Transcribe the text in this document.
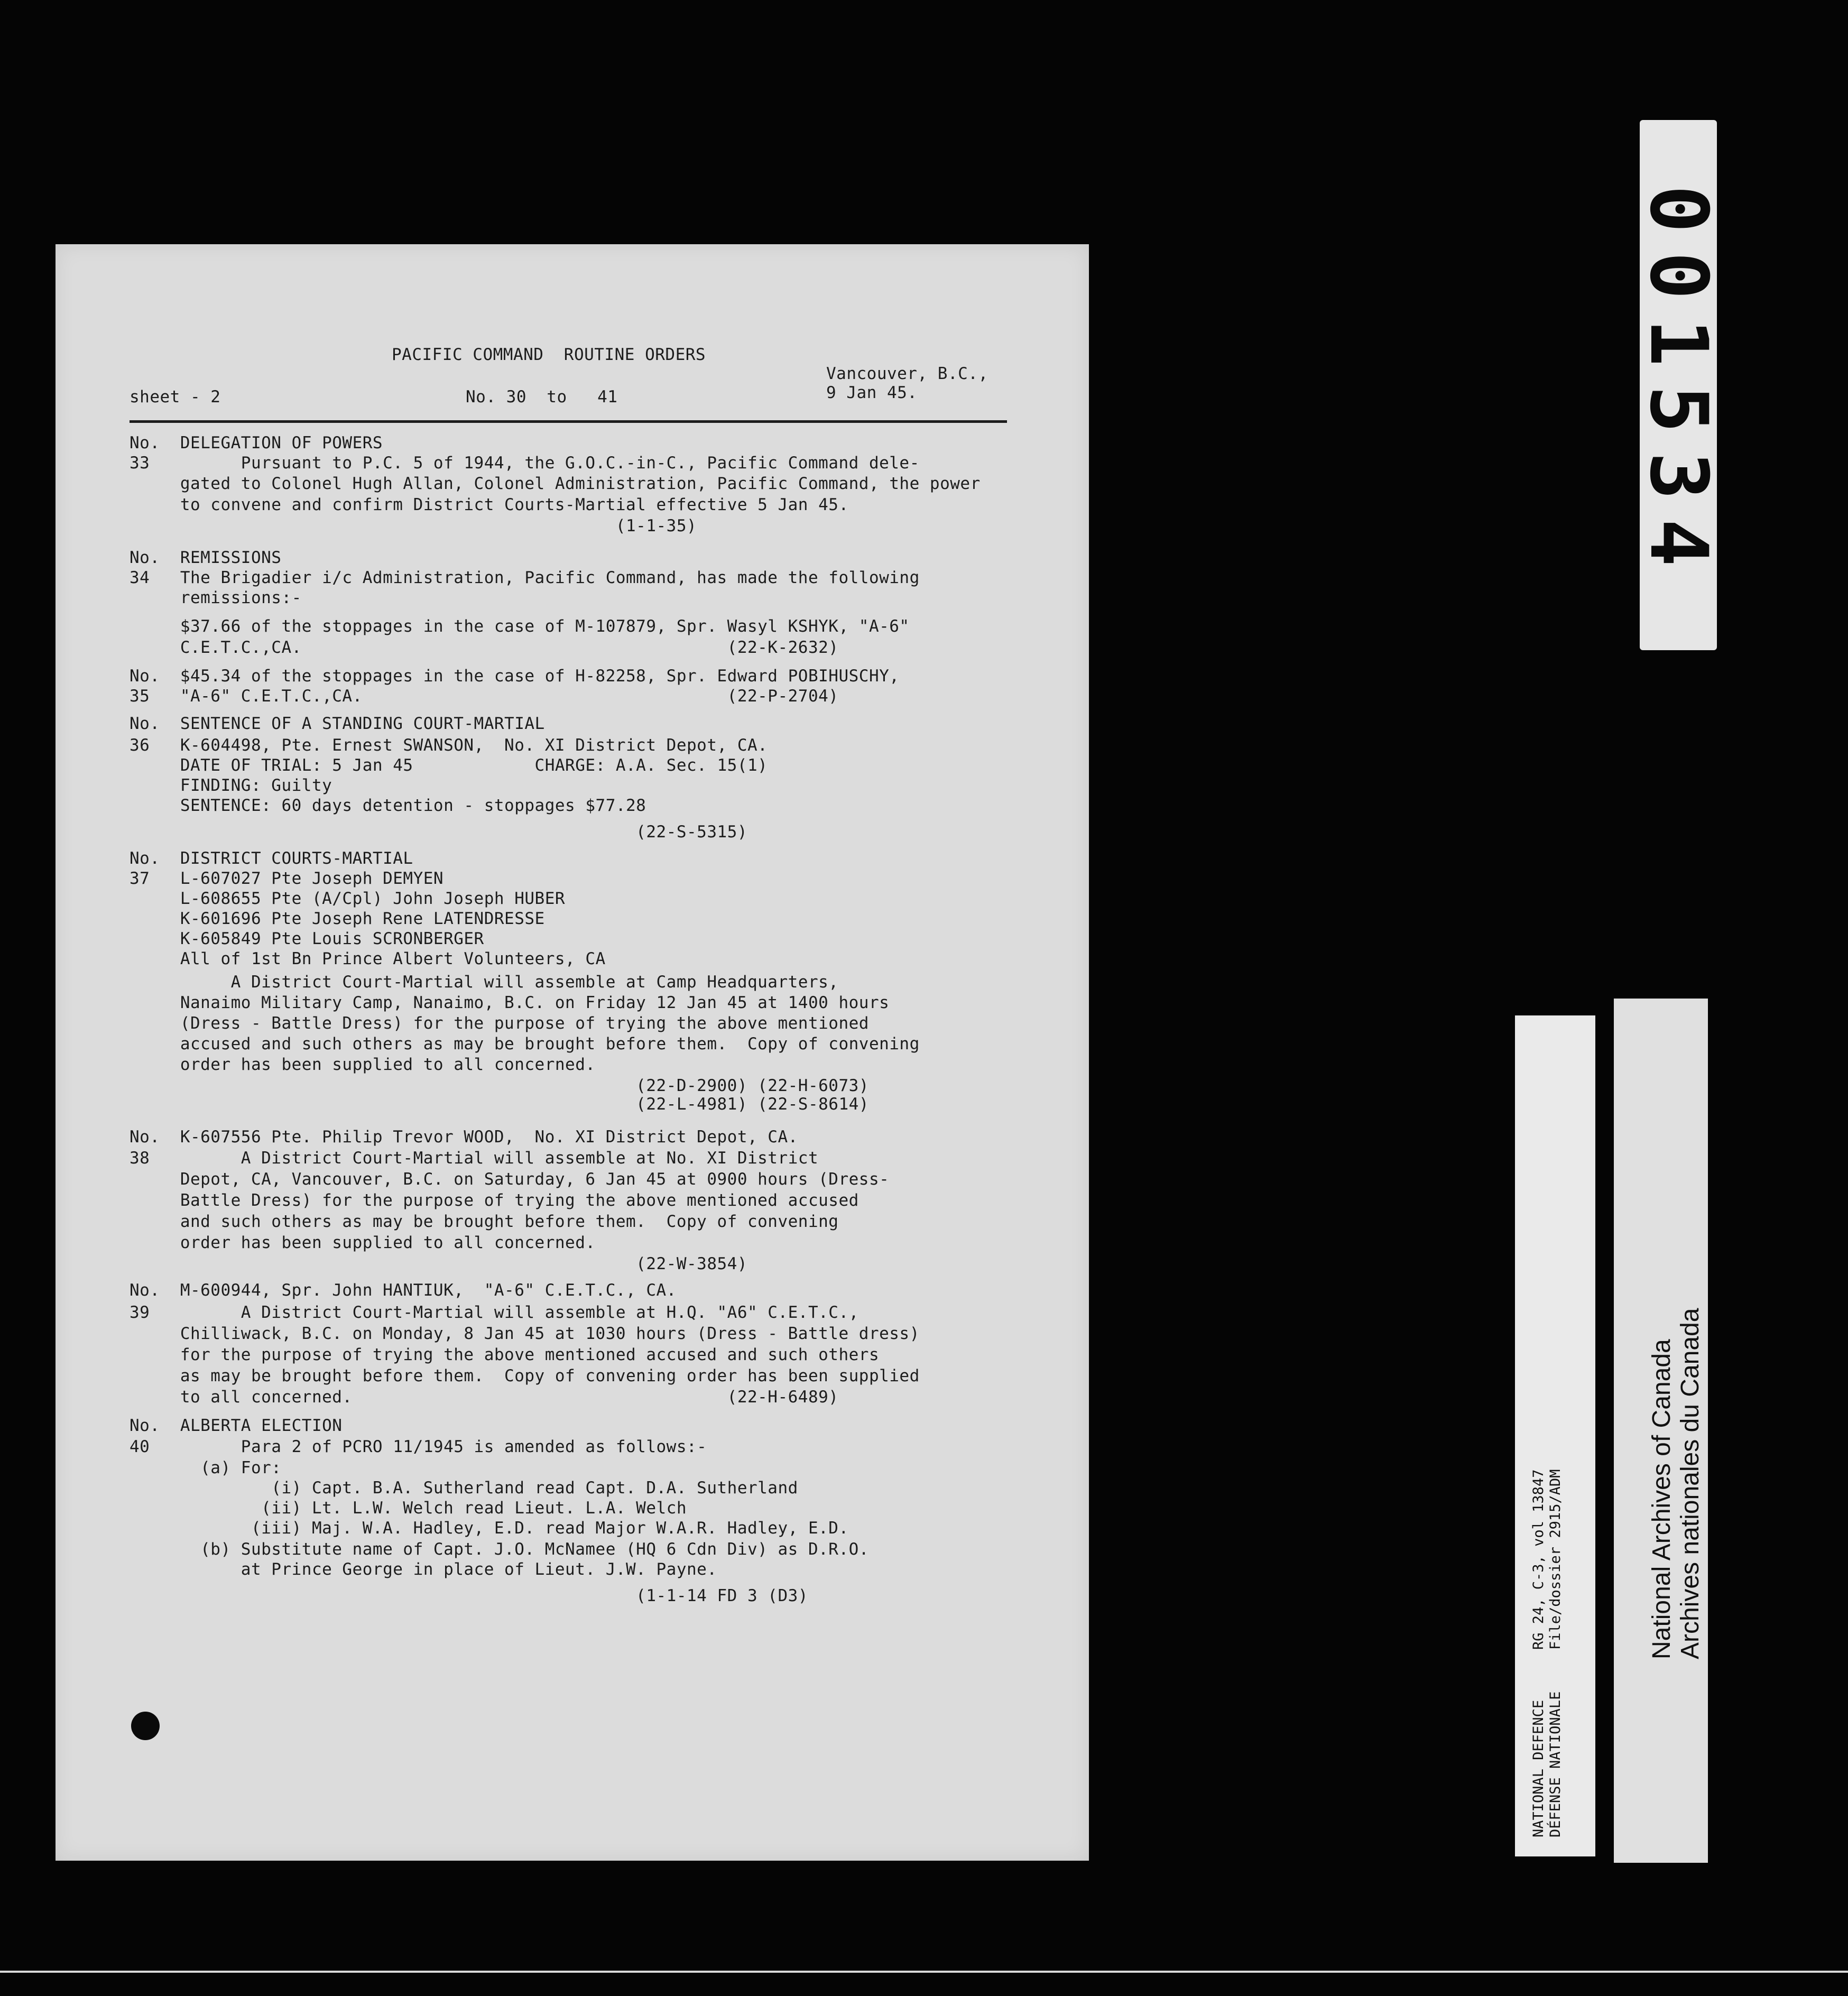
PACIFIC COMMAND  ROUTINE ORDERS
sheet - 2	No. 30  to   41
Vancouver, B.C.,
9 Jan 45.
No.  DELEGATION OF POWERS
33         Pursuant to P.C. 5 of 1944, the G.O.C.-in-C., Pacific Command dele-
gated to Colonel Hugh Allan, Colonel Administration, Pacific Command, the power
to convene and confirm District Courts-Martial effective 5 Jan 45.
(1-1-35)
No.  REMISSIONS
34   The Brigadier i/c Administration, Pacific Command, has made the following
remissions:-
$37.66 of the stoppages in the case of M-107879, Spr. Wasyl KSHYK, "A-6"
C.E.T.C.,CA.                                          (22-K-2632)
No.  $45.34 of the stoppages in the case of H-82258, Spr. Edward POBIHUSCHY,
35   "A-6" C.E.T.C.,CA.                                    (22-P-2704)
No.  SENTENCE OF A STANDING COURT-MARTIAL
36   K-604498, Pte. Ernest SWANSON,  No. XI District Depot, CA.
DATE OF TRIAL: 5 Jan 45            CHARGE: A.A. Sec. 15(1)
FINDING: Guilty
SENTENCE: 60 days detention - stoppages $77.28
(22-S-5315)
No.  DISTRICT COURTS-MARTIAL
37   L-607027 Pte Joseph DEMYEN
L-608655 Pte (A/Cpl) John Joseph HUBER
K-601696 Pte Joseph Rene LATENDRESSE
K-605849 Pte Louis SCRONBERGER
All of 1st Bn Prince Albert Volunteers, CA
A District Court-Martial will assemble at Camp Headquarters,
Nanaimo Military Camp, Nanaimo, B.C. on Friday 12 Jan 45 at 1400 hours
(Dress - Battle Dress) for the purpose of trying the above mentioned
accused and such others as may be brought before them.  Copy of convening
order has been supplied to all concerned.
(22-D-2900) (22-H-6073)
(22-L-4981) (22-S-8614)
No.  K-607556 Pte. Philip Trevor WOOD,  No. XI District Depot, CA.
38         A District Court-Martial will assemble at No. XI District
Depot, CA, Vancouver, B.C. on Saturday, 6 Jan 45 at 0900 hours (Dress-
Battle Dress) for the purpose of trying the above mentioned accused
and such others as may be brought before them.  Copy of convening
order has been supplied to all concerned.
(22-W-3854)
No.  M-600944, Spr. John HANTIUK,  "A-6" C.E.T.C., CA.
39         A District Court-Martial will assemble at H.Q. "A6" C.E.T.C.,
Chilliwack, B.C. on Monday, 8 Jan 45 at 1030 hours (Dress - Battle dress)
for the purpose of trying the above mentioned accused and such others
as may be brought before them.  Copy of convening order has been supplied
to all concerned.                                     (22-H-6489)
No.  ALBERTA ELECTION
40         Para 2 of PCRO 11/1945 is amended as follows:-
(a) For:
(i) Capt. B.A. Sutherland read Capt. D.A. Sutherland
(ii) Lt. L.W. Welch read Lieut. L.A. Welch
(iii) Maj. W.A. Hadley, E.D. read Major W.A.R. Hadley, E.D.
(b) Substitute name of Capt. J.O. McNamee (HQ 6 Cdn Div) as D.R.O.
at Prince George in place of Lieut. J.W. Payne.
(1-1-14 FD 3 (D3)
001534
RG 24, C-3, vol 13847 File/dossier 2915/ADM
NATIONAL DEFENCE DÉFENSE NATIONALE
National Archives of Canada Archives nationales du Canada
